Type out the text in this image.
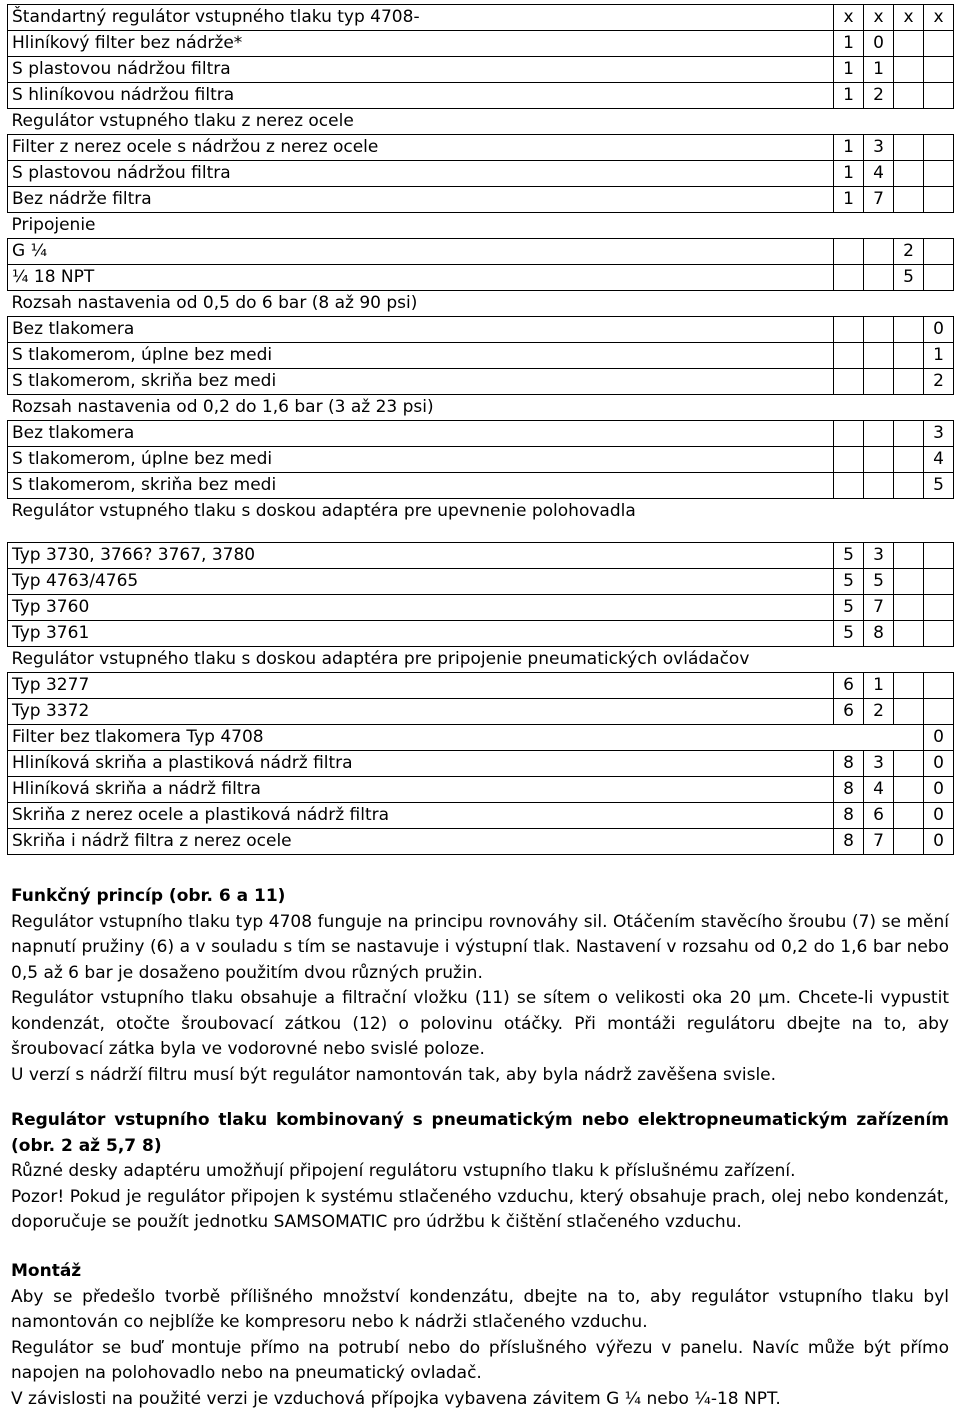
Štandartný regulátor vstupného tlaku typ 4708-	x	x	x	x
Hliníkový filter bez nádrže*	1	0		
S plastovou nádržou filtra	1	1		
S hliníkovou nádržou filtra	1	2		
Regulátor vstupného tlaku z nerez ocele				
Filter z nerez ocele s nádržou z nerez ocele	1	3		
S plastovou nádržou filtra	1	4		
Bez nádrže filtra	1	7		
Pripojenie				
G ¼			2	
¼ 18 NPT			5	
Rozsah nastavenia od 0,5 do 6 bar (8 až 90 psi)				
Bez tlakomera				0
S tlakomerom, úplne bez medi				1
S tlakomerom, skriňa bez medi				2
Rozsah nastavenia od 0,2 do 1,6 bar (3 až 23 psi)				
Bez tlakomera				3
S tlakomerom, úplne bez medi				4
S tlakomerom, skriňa bez medi				5
Regulátor vstupného tlaku s doskou adaptéra pre upevnenie polohovadla				

Typ 3730, 3766? 3767, 3780	5	3		
Typ 4763/4765	5	5		
Typ 3760	5	7		
Typ 3761	5	8		
Regulátor vstupného tlaku s doskou adaptéra pre pripojenie pneumatických ovládačov				
Typ 3277	6	1		
Typ 3372	6	2		
Filter bez tlakomera Typ 4708				0
Hliníková skriňa a plastiková nádrž filtra	8	3		0
Hliníková skriňa a nádrž filtra	8	4		0
Skriňa z nerez ocele a plastiková nádrž filtra	8	6		0
Skriňa i nádrž filtra z nerez ocele	8	7		0
Funkčný princíp (obr. 6 a 11)

Regulátor vstupního tlaku typ 4708 funguje na principu rovnováhy sil. Otáčením stavěcího šroubu (7) se mění napnutí pružiny (6) a v souladu s tím se nastavuje i výstupní tlak. Nastavení v rozsahu od 0,2 do 1,6 bar nebo 0,5 až 6 bar je dosaženo použitím dvou různých pružin.

Regulátor vstupního tlaku obsahuje a filtrační vložku (11) se sítem o velikosti oka 20 µm. Chcete-li vypustit kondenzát, otočte šroubovací zátkou (12) o polovinu otáčky. Při montáži regulátoru dbejte na to, aby šroubovací zátka byla ve vodorovné nebo svislé poloze.

U verzí s nádrží filtru musí být regulátor namontován tak, aby byla nádrž zavěšena svisle.

Regulátor vstupního tlaku kombinovaný s pneumatickým nebo elektropneumatickým zařízením (obr. 2 až 5,7 8)

Různé desky adaptéru umožňují připojení regulátoru vstupního tlaku k příslušnému zařízení.

Pozor! Pokud je regulátor připojen k systému stlačeného vzduchu, který obsahuje prach, olej nebo kondenzát, doporučuje se použít jednotku SAMSOMATIC pro údržbu k čištění stlačeného vzduchu.

Montáž

Aby se předešlo tvorbě přílišného množství kondenzátu, dbejte na to, aby regulátor vstupního tlaku byl namontován co nejblíže ke kompresoru nebo k nádrži stlačeného vzduchu.

Regulátor se buď montuje přímo na potrubí nebo do příslušného výřezu v panelu. Navíc může být přímo napojen na polohovadlo nebo na pneumatický ovladač.

V závislosti na použité verzi je vzduchová přípojka vybavena závitem G ¼ nebo ¼-18 NPT.
